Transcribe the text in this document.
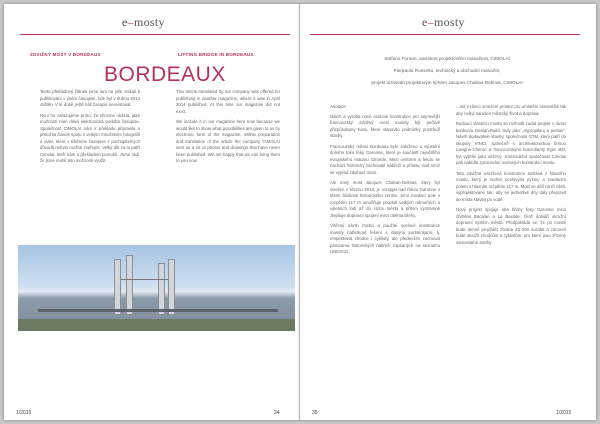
e–mosty
ZDVIŽNÝ MOST V BORDEAUX	LIFTING BRIDGE IN BORDEAUX
BORDEAUX

Tento překladový článek jsme lani na jaře získali k publikování v jiném časopise, kde byl v dubnu 2014 otištěn. V té době ještě náš časopis neexistoval.

Nyní ho zařazujeme proto, že chceme ukázat, jaké možnosti nám dává elektronická podoba časopisu. Společnost CIMOLAI nám k překladu připravila a přeložila článek spolu s velkým množstvím fotografií a videí, které v tištěném časopise z pochopitelných důvodů nebylo možné zveřejnit. Velký dík za to patří Cimolai, kteří nám s překladem pomohli. Jsme rádi, že jsme mohli této možnosti využít.

This article translated by our company was offered for publishing in another magazine, where it was in April 2014 published. At this time our magazine did not exist.

We include it in our magazine here now because we would like to show what possibilities are given to us by electronic form of the magazine. Within preparation and translation of the article the company CIMOLAI sent us a lot of photos and drawings that have never been published. We are happy that we can bring them to you now.

1/2015	34
e–mosty
Stefano Fornen, assistent projektového manažera, CIMOLAI
Pierpaolo Rossetto, technický a obchodní manažer,
projekt vizitován projektovým týmem Jacques Chaban-Delmas, CIMOLAI

Anotace

Návrh a výroba nové ocelové konstrukce pro nejnovější francouzský zdvižný most musely být pečlivě přizpůsobeny tvaru, které stanovilo podmínky prostředí stavby.

Francouzský město Bordeaux bylo založeno u vyústění dolního toku řeky Garonne, které je součástí největšího evropského estuáru Gironde. Mezi centrem a řekou se nachází historicky zachovalé nábřeží a přístav, nad nímž se vypíná zdvihací most.

Ale nový most Jacques Chaban-Delmas, který byl otevřen v březnu 2013, je rozepjat nad řekou Garonne v těsné blízkosti historického centra. Jeho zvedací pole s rozpětím 117 m umožňuje proplutí velkých námořních a výletních lodí až do srdce města a přitom významně zlepšuje dopravní spojení mezi oběma břehy.

Vítězný návrh mostu a použité ocelové konstrukce musely nabídnout řešení s danými podmínkami, tj. respektovat chodce i cyklisty, ale především zachovat panorama historických nábřeží zapsaných na seznamu UNESCO.

...mit v rámci omezení prostor pro umístění staveniště tak aby nebyl narušen městský život a doprava.

Budoucí vlastníci mostu se rozhodli zadat projekt v rámci konkurzu Design-Build, tedy jako „Vyprojektuj a postav". Návrh dodavatele stavby, společnosti GTM, který patří do skupiny VINCI, společně s architektonickou firmou Lavigne-Cheron a francouzskými konzultanty Egis JMI, byl vybrán jako vítězný. Konstrukční společnost Cimolai pak nabídla zpracování ocelových konstrukcí mostu.

Tato zdvižná navržená konstrukce sestává z hlavního mostu, který je tvořen ocelovými pylony a zvedacím polem s hlavním rozpětím 117 m. Most se dělí na tři části, vyprojektované tak, aby se jednotlivé díly daly přepravit do místa stavby po vodě.

Nový projekt spojuje oba břehy řeky Garonne mezi čtvrtěmi Bacalan a La Bastide, čímž dotváří okružní dopravní systém města. Předpokládá se, že po mostě bude denně projíždět zhruba 43 000 vozidel a zároveň bude sloužit chodcům a cyklistům, pro které jsou zřízeny samostatné stezky.

35	1/2015
